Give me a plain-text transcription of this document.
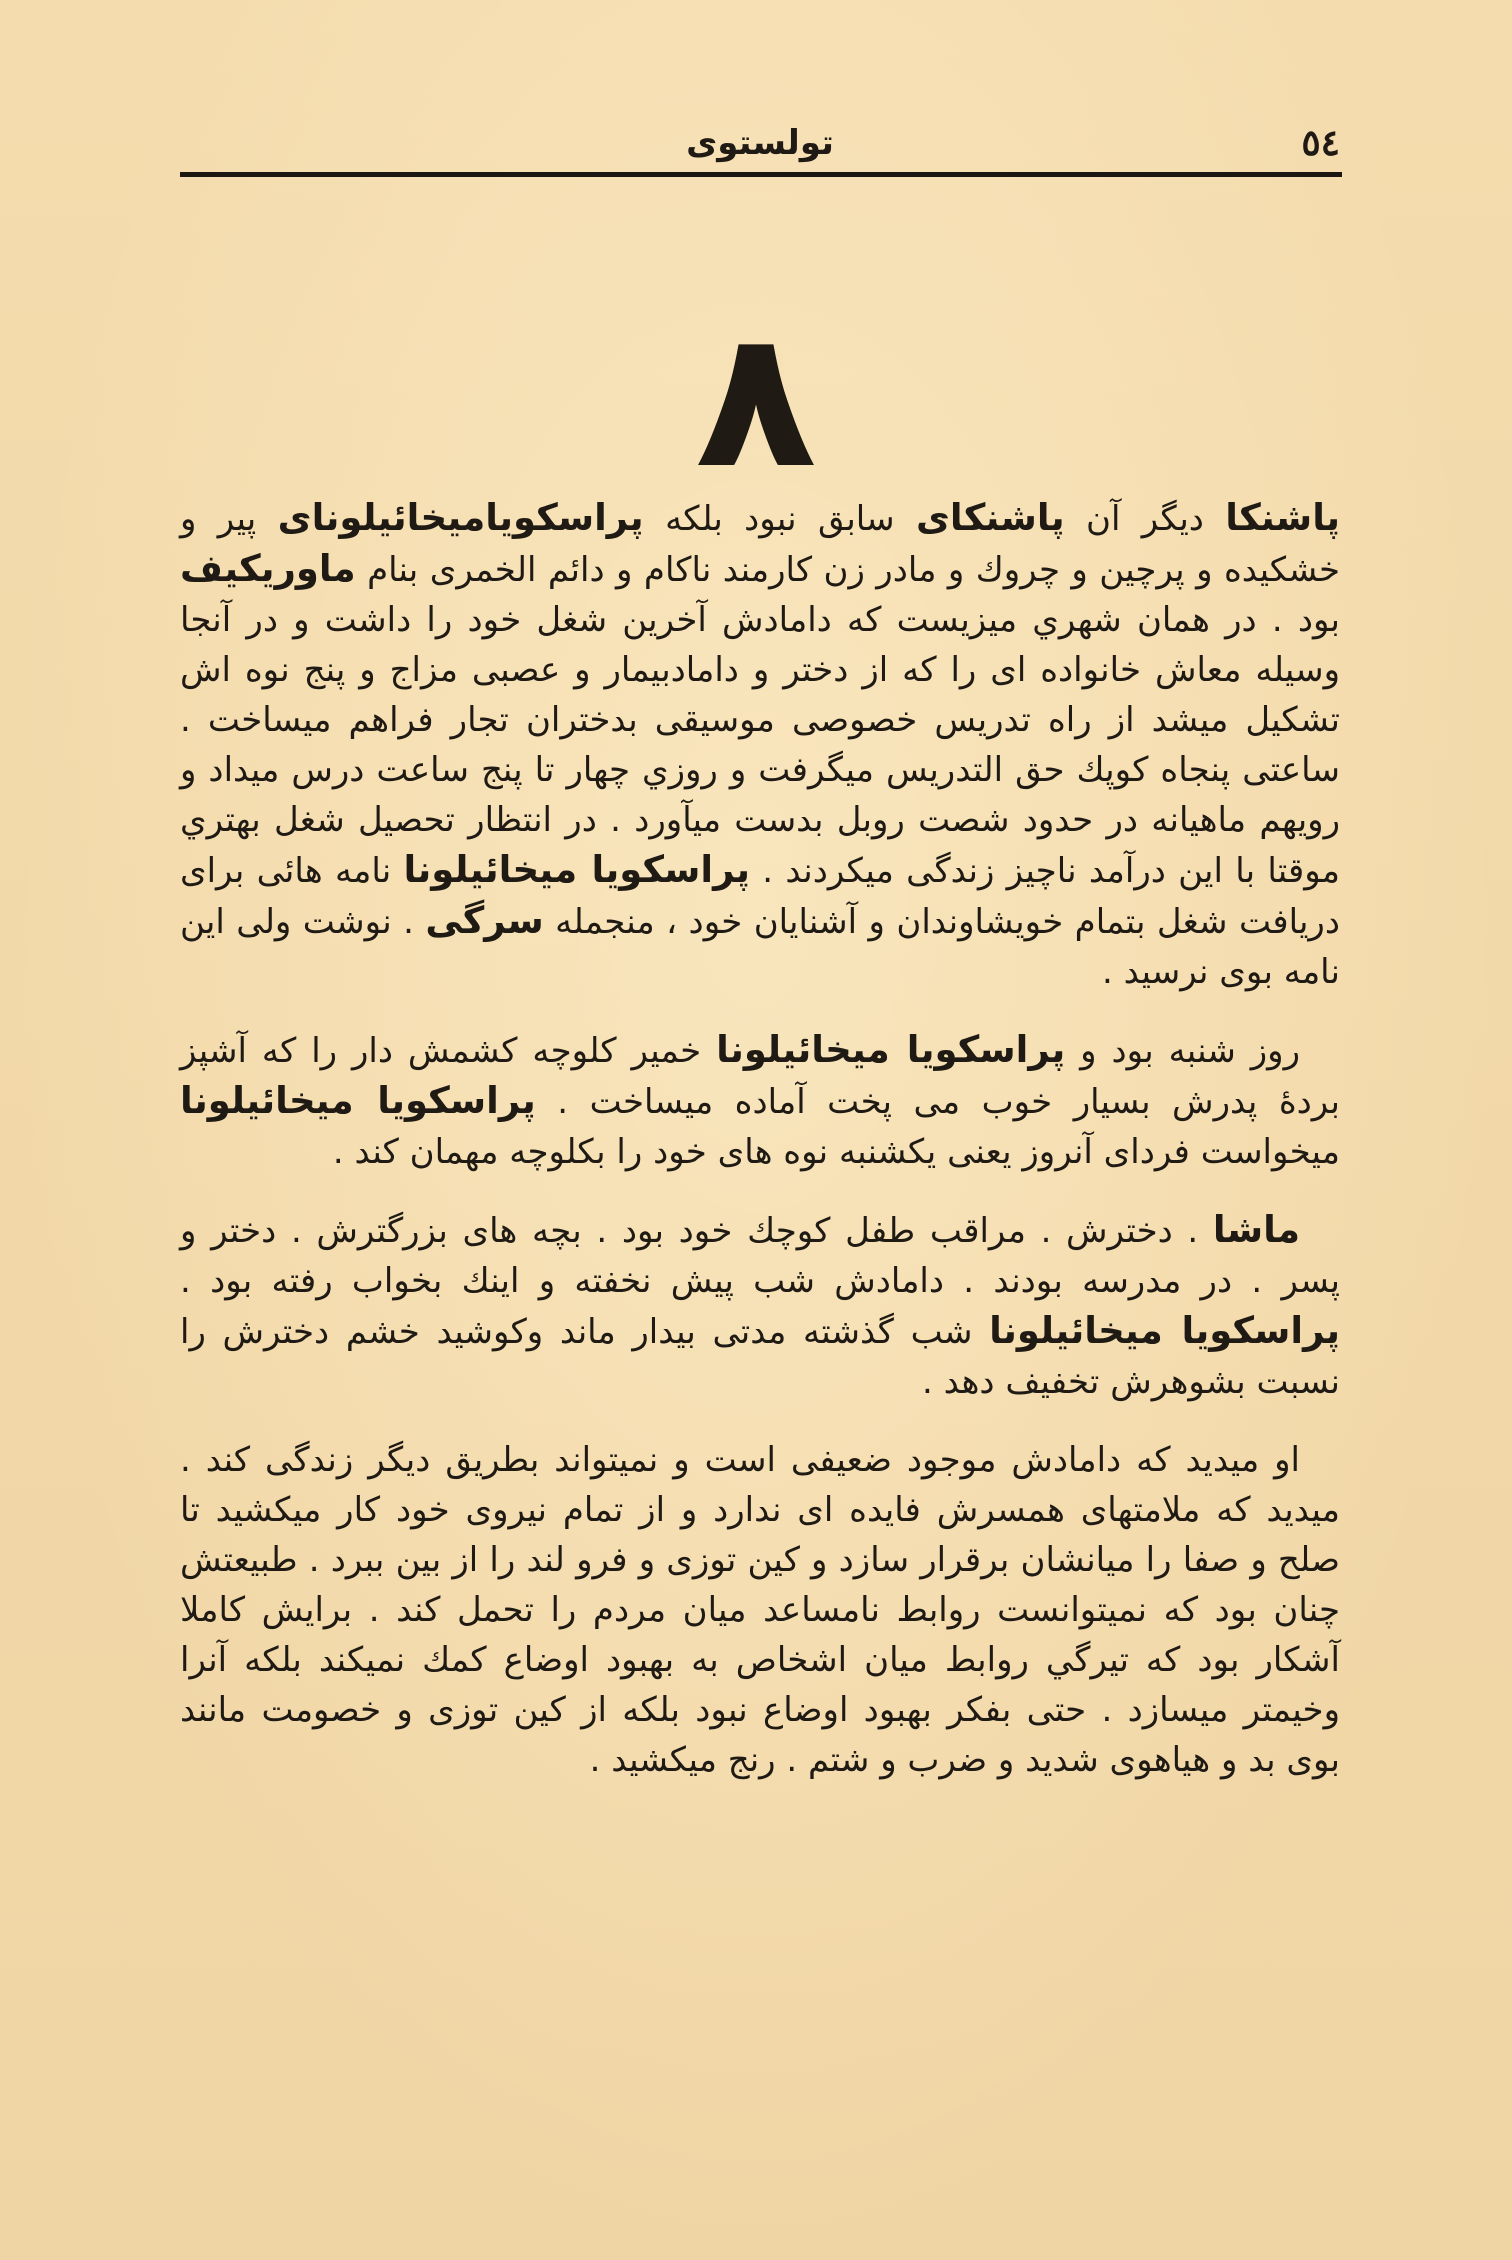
٥٤
تولستوی
۸

پاشنکا دیگر آن پاشنکای سابق نبود بلکه پراسکویامیخائیلونای پیر و خشکیده و پرچین و چروك و مادر زن کارمند ناکام و دائم الخمری بنام ماوریکیف بود . در همان شهري میزیست که دامادش آخرین شغل خود را داشت و در آنجا وسیله معاش خانواده ای را که از دختر و دامادبیمار و عصبی مزاج و پنج نوه اش تشکیل میشد از راه تدریس خصوصی موسیقی بدختران تجار فراهم میساخت . ساعتی پنجاه کوپك حق التدریس میگرفت و روزي چهار تا پنج ساعت درس میداد و رویهم ماهیانه در حدود شصت روبل بدست میآورد . در انتظار تحصیل شغل بهتري موقتا با این درآمد ناچیز زندگی میکردند . پراسکویا میخائیلونا نامه هائی برای دریافت شغل بتمام خویشاوندان و آشنایان خود ، منجمله سرگی . نوشت ولی این نامه بوی نرسید .

روز شنبه بود و پراسکویا میخائیلونا خمیر کلوچه کشمش دار را که آشپز بردهٔ پدرش بسیار خوب می پخت آماده میساخت . پراسکویا میخائیلونا میخواست فردای آنروز یعنی یکشنبه نوه های خود را بکلوچه مهمان کند .

ماشا . دخترش . مراقب طفل کوچك خود بود . بچه های بزرگترش . دختر و پسر . در مدرسه بودند . دامادش شب پیش نخفته و اینك بخواب رفته بود . پراسکویا میخائیلونا شب گذشته مدتی بیدار ماند وکوشید خشم دخترش را نسبت بشوهرش تخفیف دهد .

او میدید که دامادش موجود ضعیفی است و نمیتواند بطریق دیگر زندگی کند . میدید که ملامتهای همسرش فایده ای ندارد و از تمام نیروی خود کار میکشید تا صلح و صفا را میانشان برقرار سازد و کین توزی و فرو لند را از بین ببرد . طبیعتش چنان بود که نمیتوانست روابط نامساعد میان مردم را تحمل کند . برایش کاملا آشکار بود که تیرگي روابط میان اشخاص به بهبود اوضاع کمك نمیکند بلکه آنرا وخیمتر میسازد . حتی بفکر بهبود اوضاع نبود بلکه از کین توزی و خصومت مانند بوی بد و هیاهوی شدید و ضرب و شتم . رنج میکشید .
